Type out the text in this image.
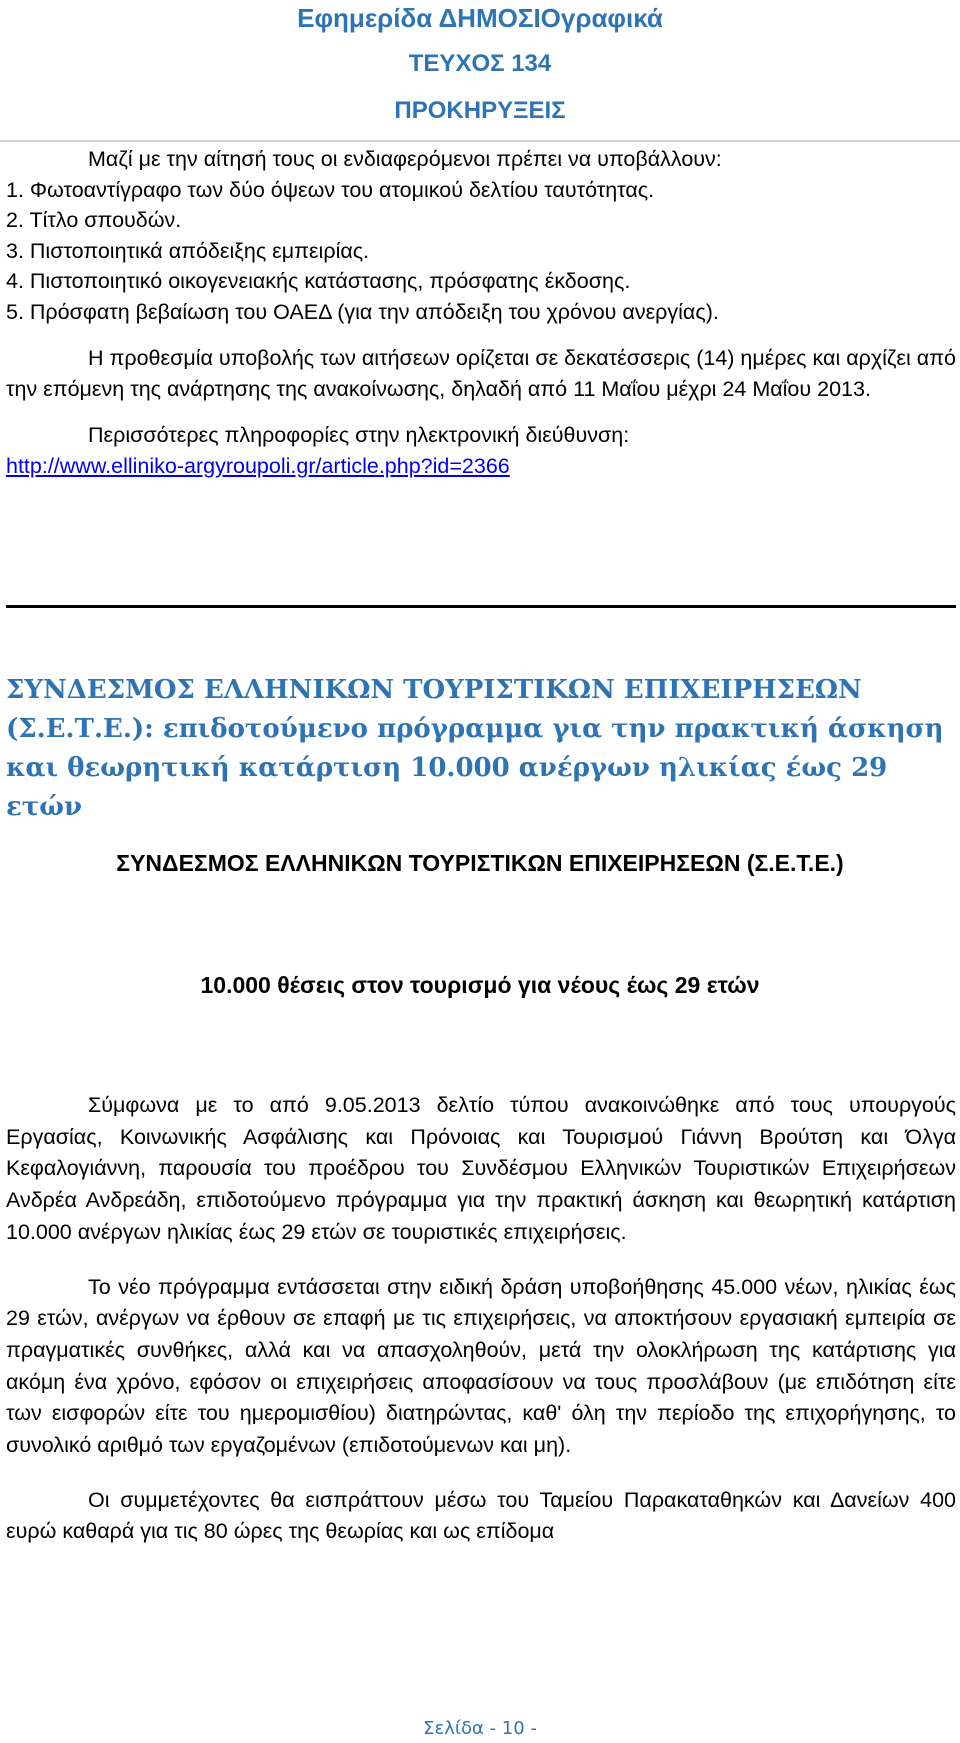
Εφημερίδα ΔΗΜΟΣΙΟγραφικά
ΤΕΥΧΟΣ 134
ΠΡΟΚΗΡΥΞΕΙΣ

Μαζί με την αίτησή τους οι ενδιαφερόμενοι πρέπει να υποβάλλουν:

1. Φωτοαντίγραφο των δύο όψεων του ατομικού δελτίου ταυτότητας.

2. Τίτλο σπουδών.

3. Πιστοποιητικά απόδειξης εμπειρίας.

4. Πιστοποιητικό οικογενειακής κατάστασης, πρόσφατης έκδοσης.

5. Πρόσφατη βεβαίωση του ΟΑΕΔ (για την απόδειξη του χρόνου ανεργίας).

Η προθεσμία υποβολής των αιτήσεων ορίζεται σε δεκατέσσερις (14) ημέρες και αρχίζει από την επόμενη της ανάρτησης της ανακοίνωσης, δηλαδή από 11 Μαΐου μέχρι 24 Μαΐου 2013.

Περισσότερες πληροφορίες στην ηλεκτρονική διεύθυνση:

http://www.elliniko-argyroupoli.gr/article.php?id=2366

ΣΥΝΔΕΣΜΟΣ ΕΛΛΗΝΙΚΩΝ ΤΟΥΡΙΣΤΙΚΩΝ ΕΠΙΧΕΙΡΗΣΕΩΝ (Σ.Ε.Τ.Ε.): επιδοτούμενο πρόγραμμα για την πρακτική άσκηση και θεωρητική κατάρτιση 10.000 ανέργων ηλικίας έως 29 ετών
ΣΥΝΔΕΣΜΟΣ ΕΛΛΗΝΙΚΩΝ ΤΟΥΡΙΣΤΙΚΩΝ ΕΠΙΧΕΙΡΗΣΕΩΝ (Σ.Ε.Τ.Ε.)
10.000 θέσεις στον τουρισμό για νέους έως 29 ετών

Σύμφωνα με το από 9.05.2013 δελτίο τύπου ανακοινώθηκε από τους υπουργούς Εργασίας, Κοινωνικής Ασφάλισης και Πρόνοιας και Τουρισμού Γιάννη Βρούτση και Όλγα Κεφαλογιάννη, παρουσία του προέδρου του Συνδέσμου Ελληνικών Τουριστικών Επιχειρήσεων Ανδρέα Ανδρεάδη, επιδοτούμενο πρόγραμμα για την πρακτική άσκηση και θεωρητική κατάρτιση 10.000 ανέργων ηλικίας έως 29 ετών σε τουριστικές επιχειρήσεις.

Το νέο πρόγραμμα εντάσσεται στην ειδική δράση υποβοήθησης 45.000 νέων, ηλικίας έως 29 ετών, ανέργων να έρθουν σε επαφή με τις επιχειρήσεις, να αποκτήσουν εργασιακή εμπειρία σε πραγματικές συνθήκες, αλλά και να απασχοληθούν, μετά την ολοκλήρωση της κατάρτισης για ακόμη ένα χρόνο, εφόσον οι επιχειρήσεις αποφασίσουν να τους προσλάβουν (με επιδότηση είτε των εισφορών είτε του ημερομισθίου) διατηρώντας, καθ' όλη την περίοδο της επιχορήγησης, το συνολικό αριθμό των εργαζομένων (επιδοτούμενων και μη).

Οι συμμετέχοντες θα εισπράττουν μέσω του Ταμείου Παρακαταθηκών και Δανείων 400 ευρώ καθαρά για τις 80 ώρες της θεωρίας και ως επίδομα

Σελίδα - 10 -
